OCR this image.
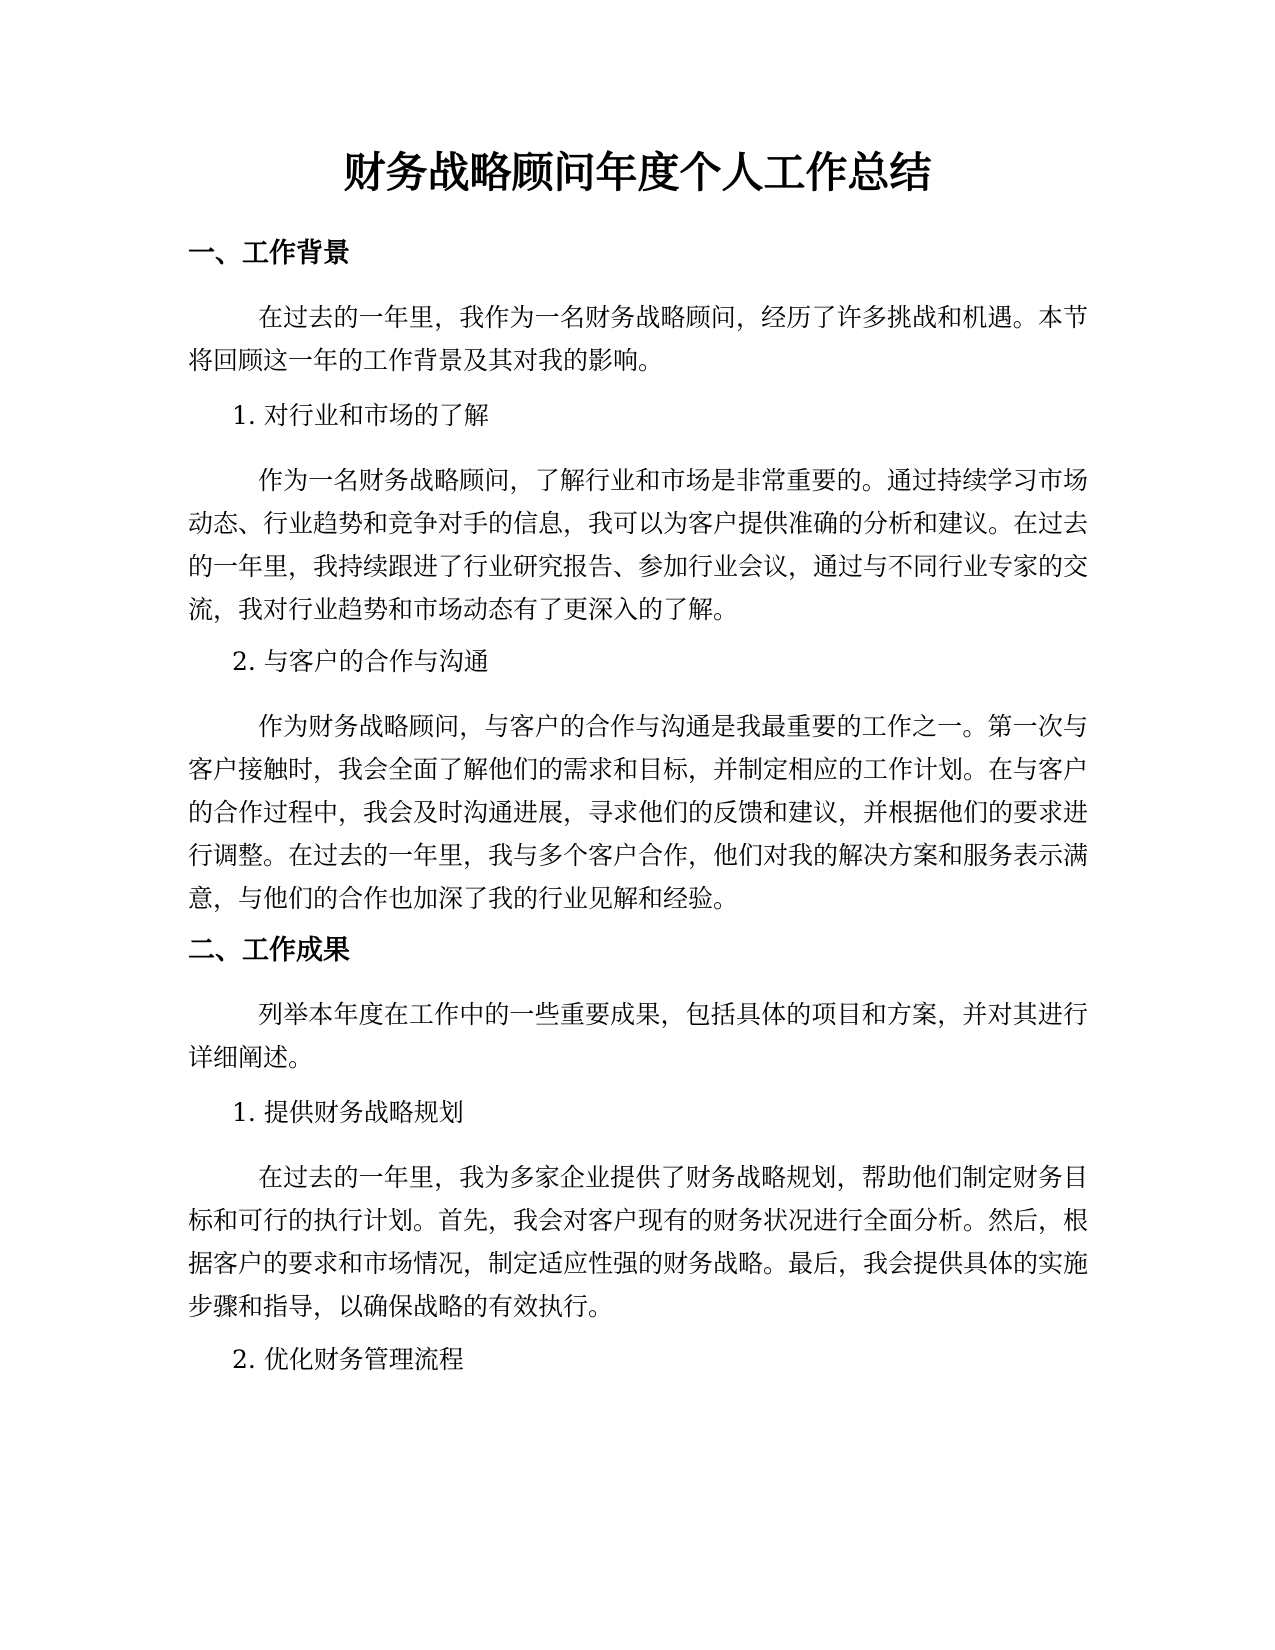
财务战略顾问年度个人工作总结
一、工作背景

在过去的一年里，我作为一名财务战略顾问，经历了许多挑战和机遇。本节将回顾这一年的工作背景及其对我的影响。

1. 对行业和市场的了解

作为一名财务战略顾问，了解行业和市场是非常重要的。通过持续学习市场动态、行业趋势和竞争对手的信息，我可以为客户提供准确的分析和建议。在过去的一年里，我持续跟进了行业研究报告、参加行业会议，通过与不同行业专家的交流，我对行业趋势和市场动态有了更深入的了解。

2. 与客户的合作与沟通

作为财务战略顾问，与客户的合作与沟通是我最重要的工作之一。第一次与客户接触时，我会全面了解他们的需求和目标，并制定相应的工作计划。在与客户的合作过程中，我会及时沟通进展，寻求他们的反馈和建议，并根据他们的要求进行调整。在过去的一年里，我与多个客户合作，他们对我的解决方案和服务表示满意，与他们的合作也加深了我的行业见解和经验。

二、工作成果

列举本年度在工作中的一些重要成果，包括具体的项目和方案，并对其进行详细阐述。

1. 提供财务战略规划

在过去的一年里，我为多家企业提供了财务战略规划，帮助他们制定财务目标和可行的执行计划。首先，我会对客户现有的财务状况进行全面分析。然后，根据客户的要求和市场情况，制定适应性强的财务战略。最后，我会提供具体的实施步骤和指导，以确保战略的有效执行。

2. 优化财务管理流程
